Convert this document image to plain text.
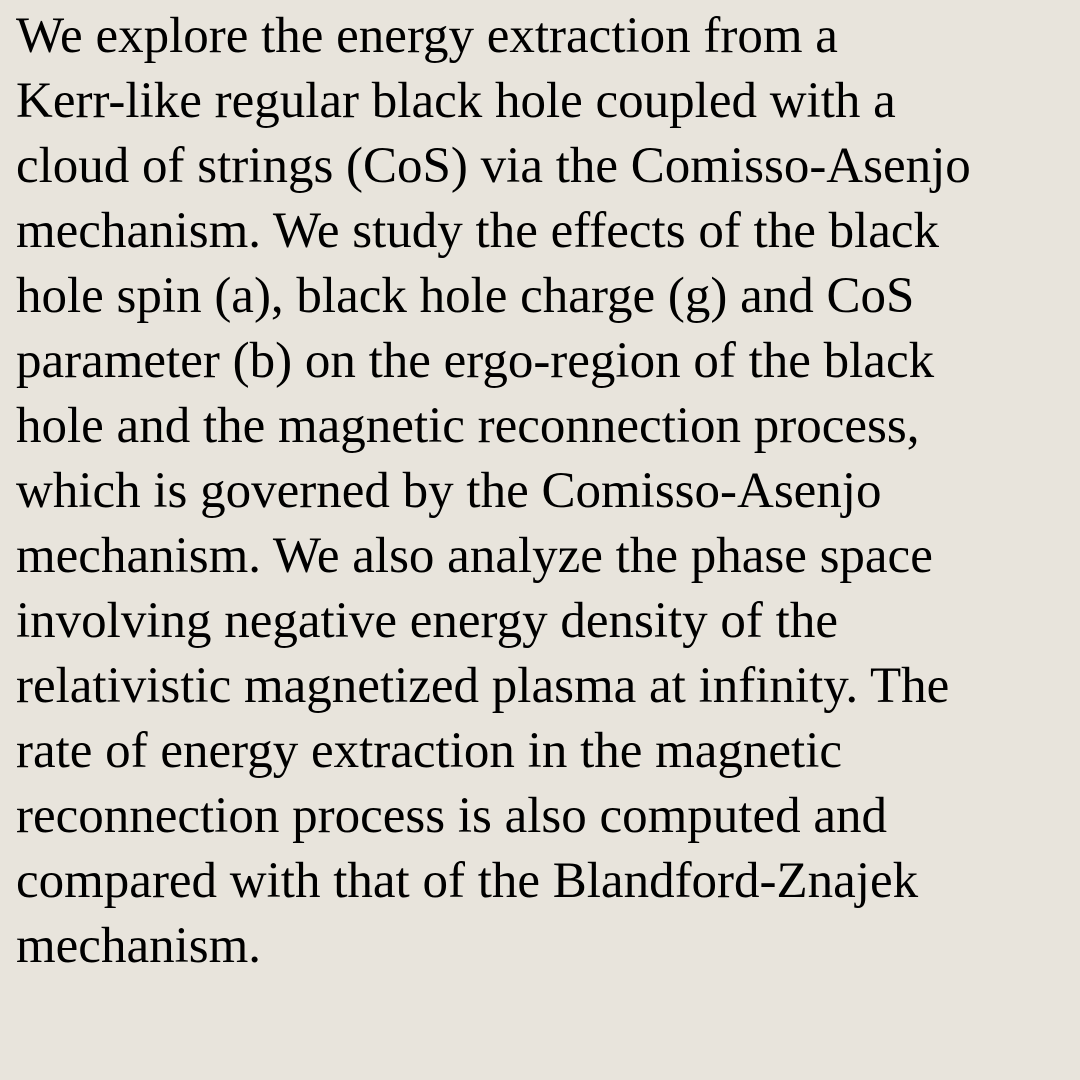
We explore the energy extraction from a
Kerr-like regular black hole coupled with a
cloud of strings (CoS) via the Comisso-Asenjo
mechanism. We study the effects of the black
hole spin (a), black hole charge (g) and CoS
parameter (b) on the ergo-region of the black
hole and the magnetic reconnection process,
which is governed by the Comisso-Asenjo
mechanism. We also analyze the phase space
involving negative energy density of the
relativistic magnetized plasma at infinity. The
rate of energy extraction in the magnetic
reconnection process is also computed and
compared with that of the Blandford-Znajek
mechanism.
